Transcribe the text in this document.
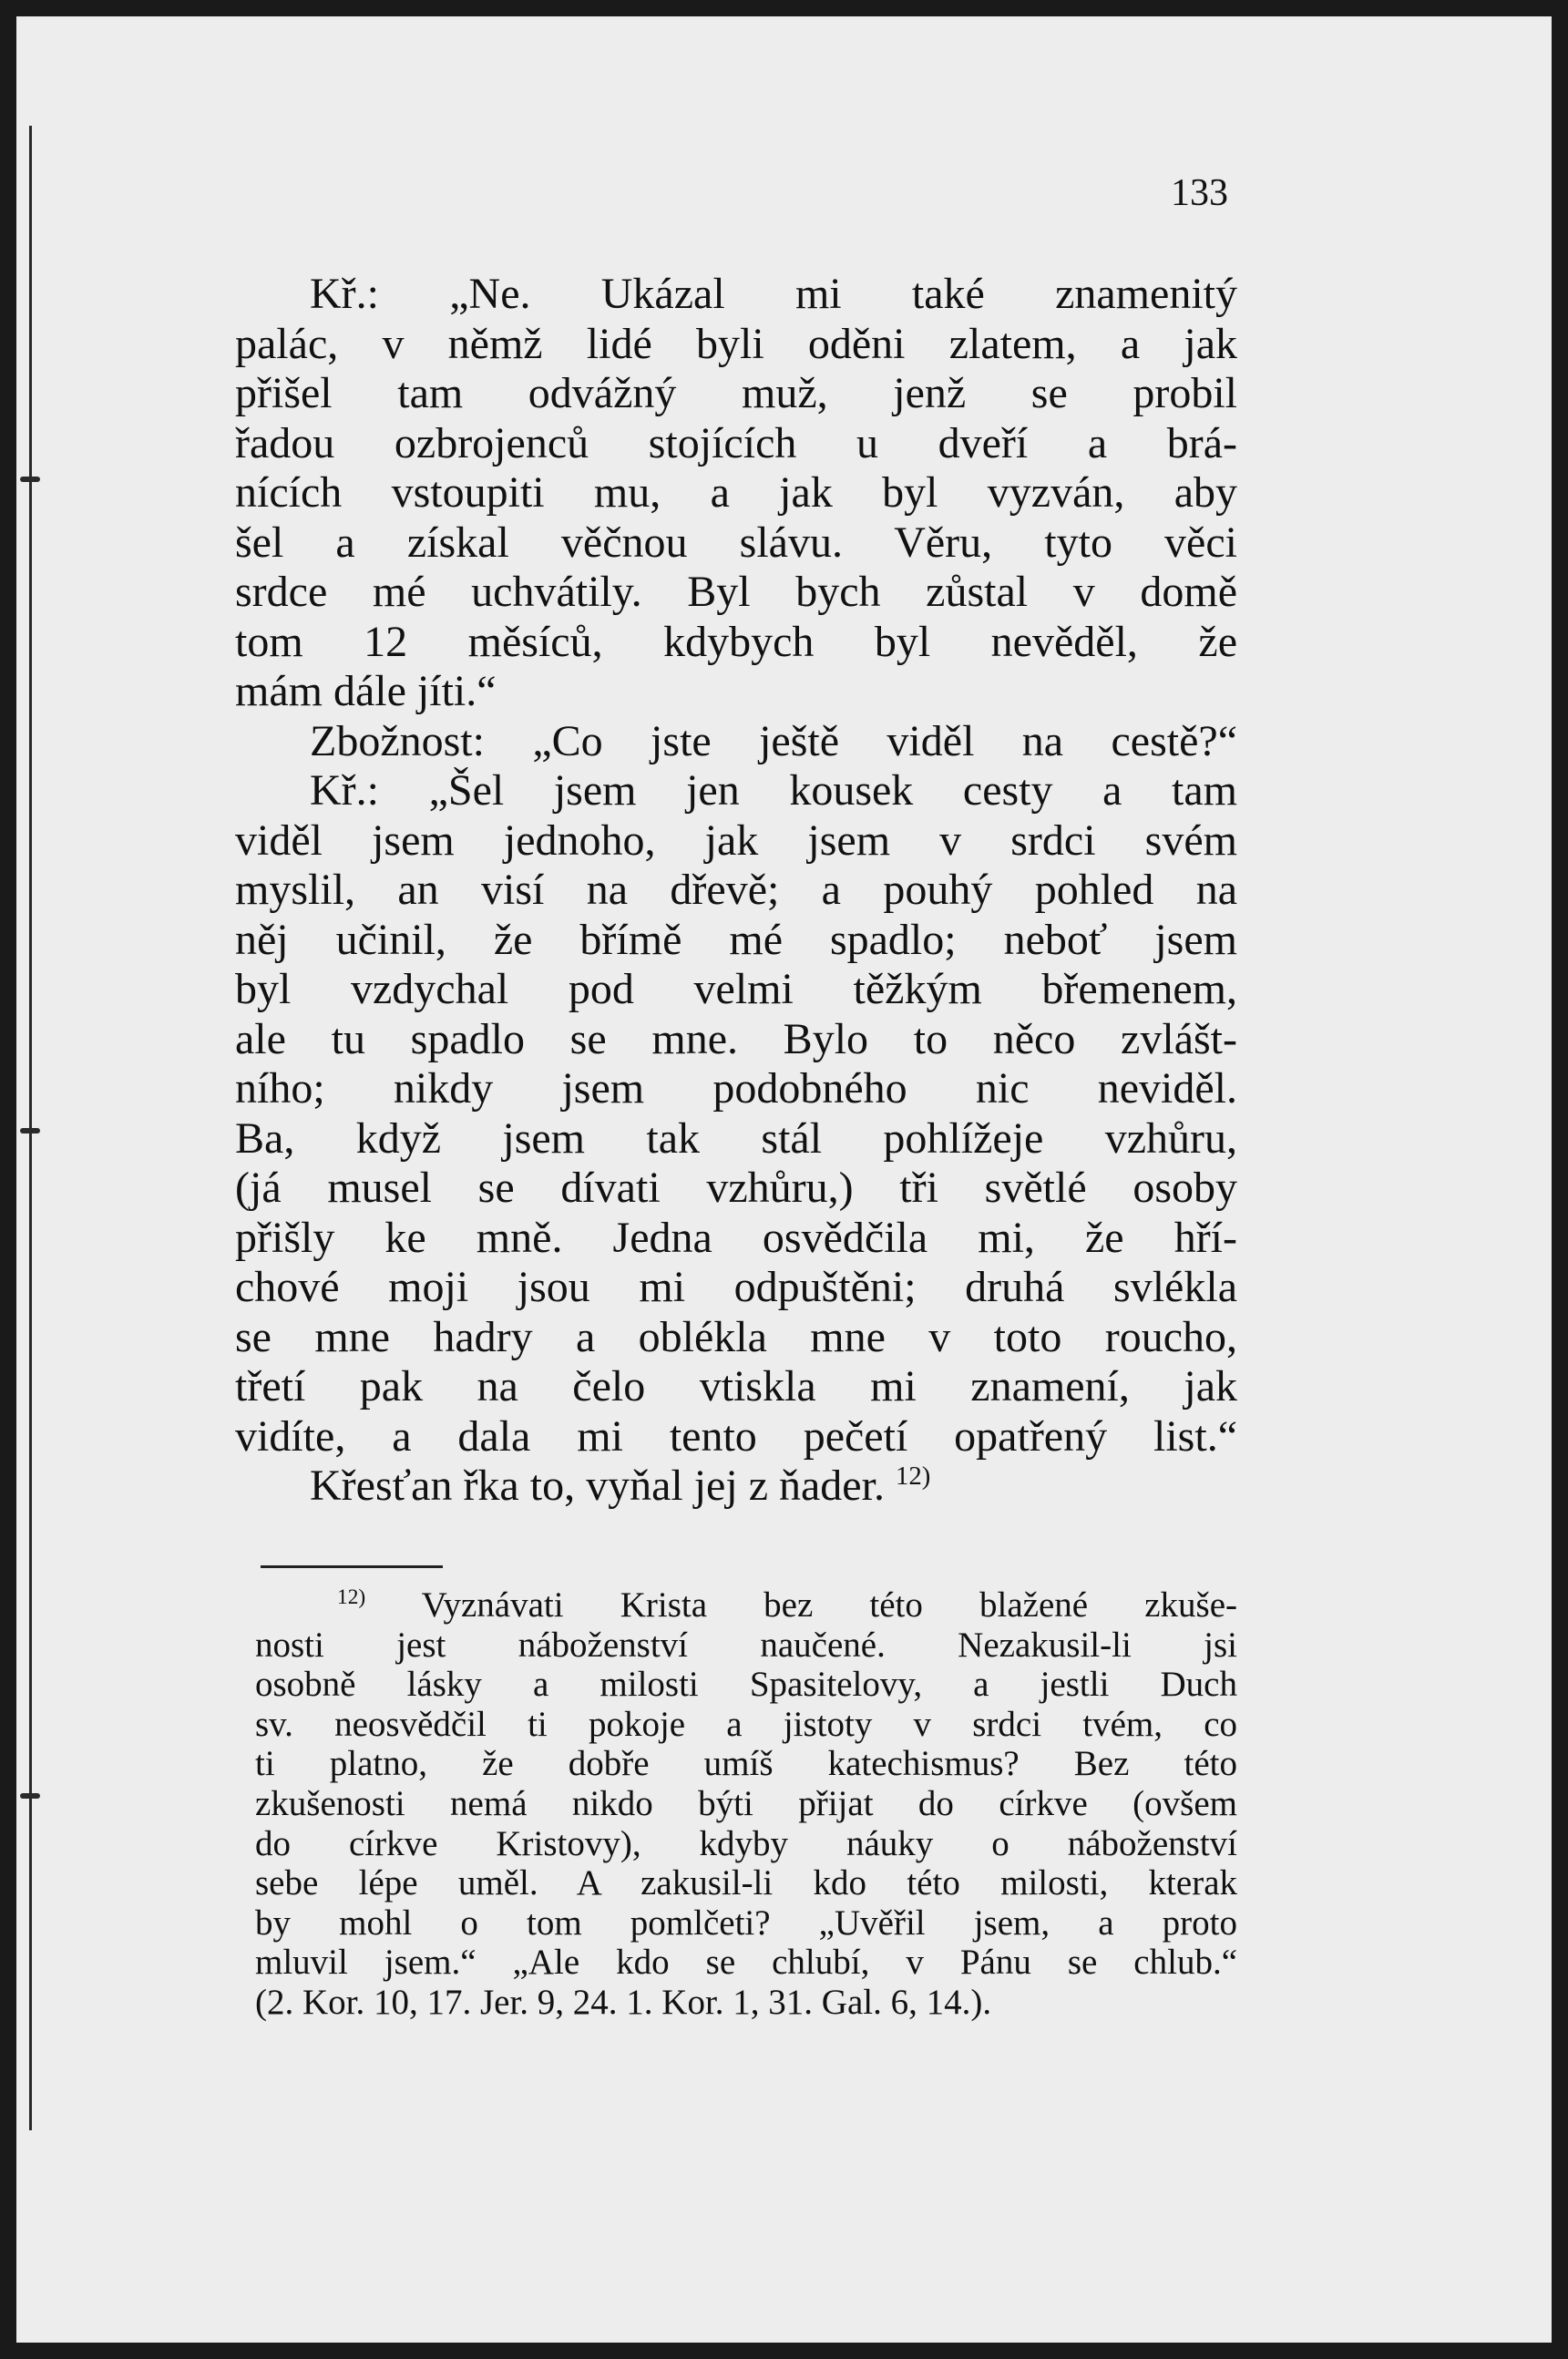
133
Kř.: „Ne. Ukázal mi také znamenitý
palác, v němž lidé byli oděni zlatem, a jak
přišel tam odvážný muž, jenž se probil
řadou ozbrojenců stojících u dveří a brá-
nících vstoupiti mu, a jak byl vyzván, aby
šel a získal věčnou slávu. Věru, tyto věci
srdce mé uchvátily. Byl bych zůstal v domě
tom 12 měsíců, kdybych byl nevěděl, že
mám dále jíti.“
Zbožnost: „Co jste ještě viděl na cestě?“
Kř.: „Šel jsem jen kousek cesty a tam
viděl jsem jednoho, jak jsem v srdci svém
myslil, an visí na dřevě; a pouhý pohled na
něj učinil, že břímě mé spadlo; neboť jsem
byl vzdychal pod velmi těžkým břemenem,
ale tu spadlo se mne. Bylo to něco zvlášt-
ního; nikdy jsem podobného nic neviděl.
Ba, když jsem tak stál pohlížeje vzhůru,
(já musel se dívati vzhůru,) tři světlé osoby
přišly ke mně. Jedna osvědčila mi, že hří-
chové moji jsou mi odpuštěni; druhá svlékla
se mne hadry a oblékla mne v toto roucho,
třetí pak na čelo vtiskla mi znamení, jak
vidíte, a dala mi tento pečetí opatřený list.“
Křesťan řka to, vyňal jej z ňader. $^{12)}$
$^{12)}$ Vyznávati Krista bez této blažené zkuše-
nosti jest náboženství naučené. Nezakusil-li jsi
osobně lásky a milosti Spasitelovy, a jestli Duch
sv. neosvědčil ti pokoje a jistoty v srdci tvém, co
ti platno, že dobře umíš katechismus? Bez této
zkušenosti nemá nikdo býti přijat do církve (ovšem
do církve Kristovy), kdyby náuky o náboženství
sebe lépe uměl. A zakusil-li kdo této milosti, kterak
by mohl o tom pomlčeti? „Uvěřil jsem, a proto
mluvil jsem.“ „Ale kdo se chlubí, v Pánu se chlub.“
(2. Kor. 10, 17. Jer. 9, 24. 1. Kor. 1, 31. Gal. 6, 14.).
